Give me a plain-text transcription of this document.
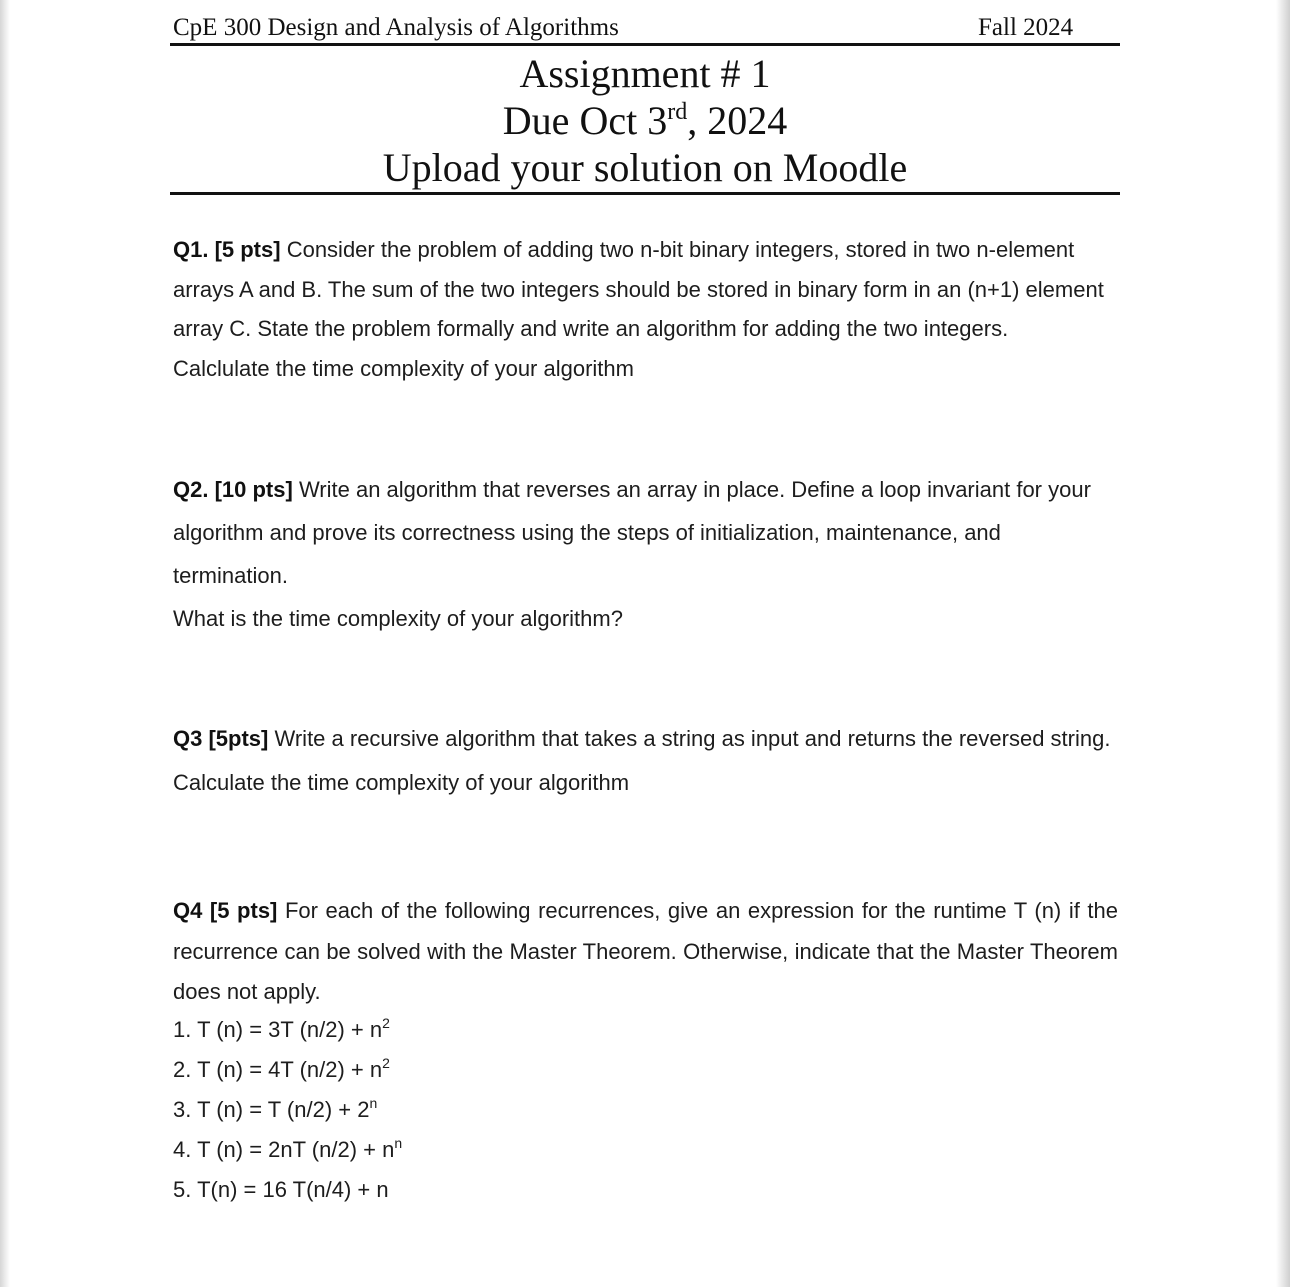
CpE 300 Design and Analysis of Algorithms	Fall 2024
Assignment # 1
Due Oct 3rd, 2024
Upload your solution on Moodle

Q1. [5 pts] Consider the problem of adding two n-bit binary integers, stored in two n-element arrays A and B. The sum of the two integers should be stored in binary form in an (n+1) element array C. State the problem formally and write an algorithm for adding the two integers.

Calclulate the time complexity of your algorithm

Q2. [10 pts] Write an algorithm that reverses an array in place. Define a loop invariant for your algorithm and prove its correctness using the steps of initialization, maintenance, and termination.

What is the time complexity of your algorithm?

Q3 [5pts] Write a recursive algorithm that takes a string as input and returns the reversed string.

Calculate the time complexity of your algorithm

Q4 [5 pts] For each of the following recurrences, give an expression for the runtime T (n) if the recurrence can be solved with the Master Theorem. Otherwise, indicate that the Master Theorem does not apply.

1. T (n) = 3T $(n/2) + n^2$
2. T (n) = 4T $(n/2) + n^2$
3. T (n) = T $(n/2) + 2^n$
4. T (n) = 2nT $(n/2) + n^n$
5. T(n) = 16 T(n/4) + n
